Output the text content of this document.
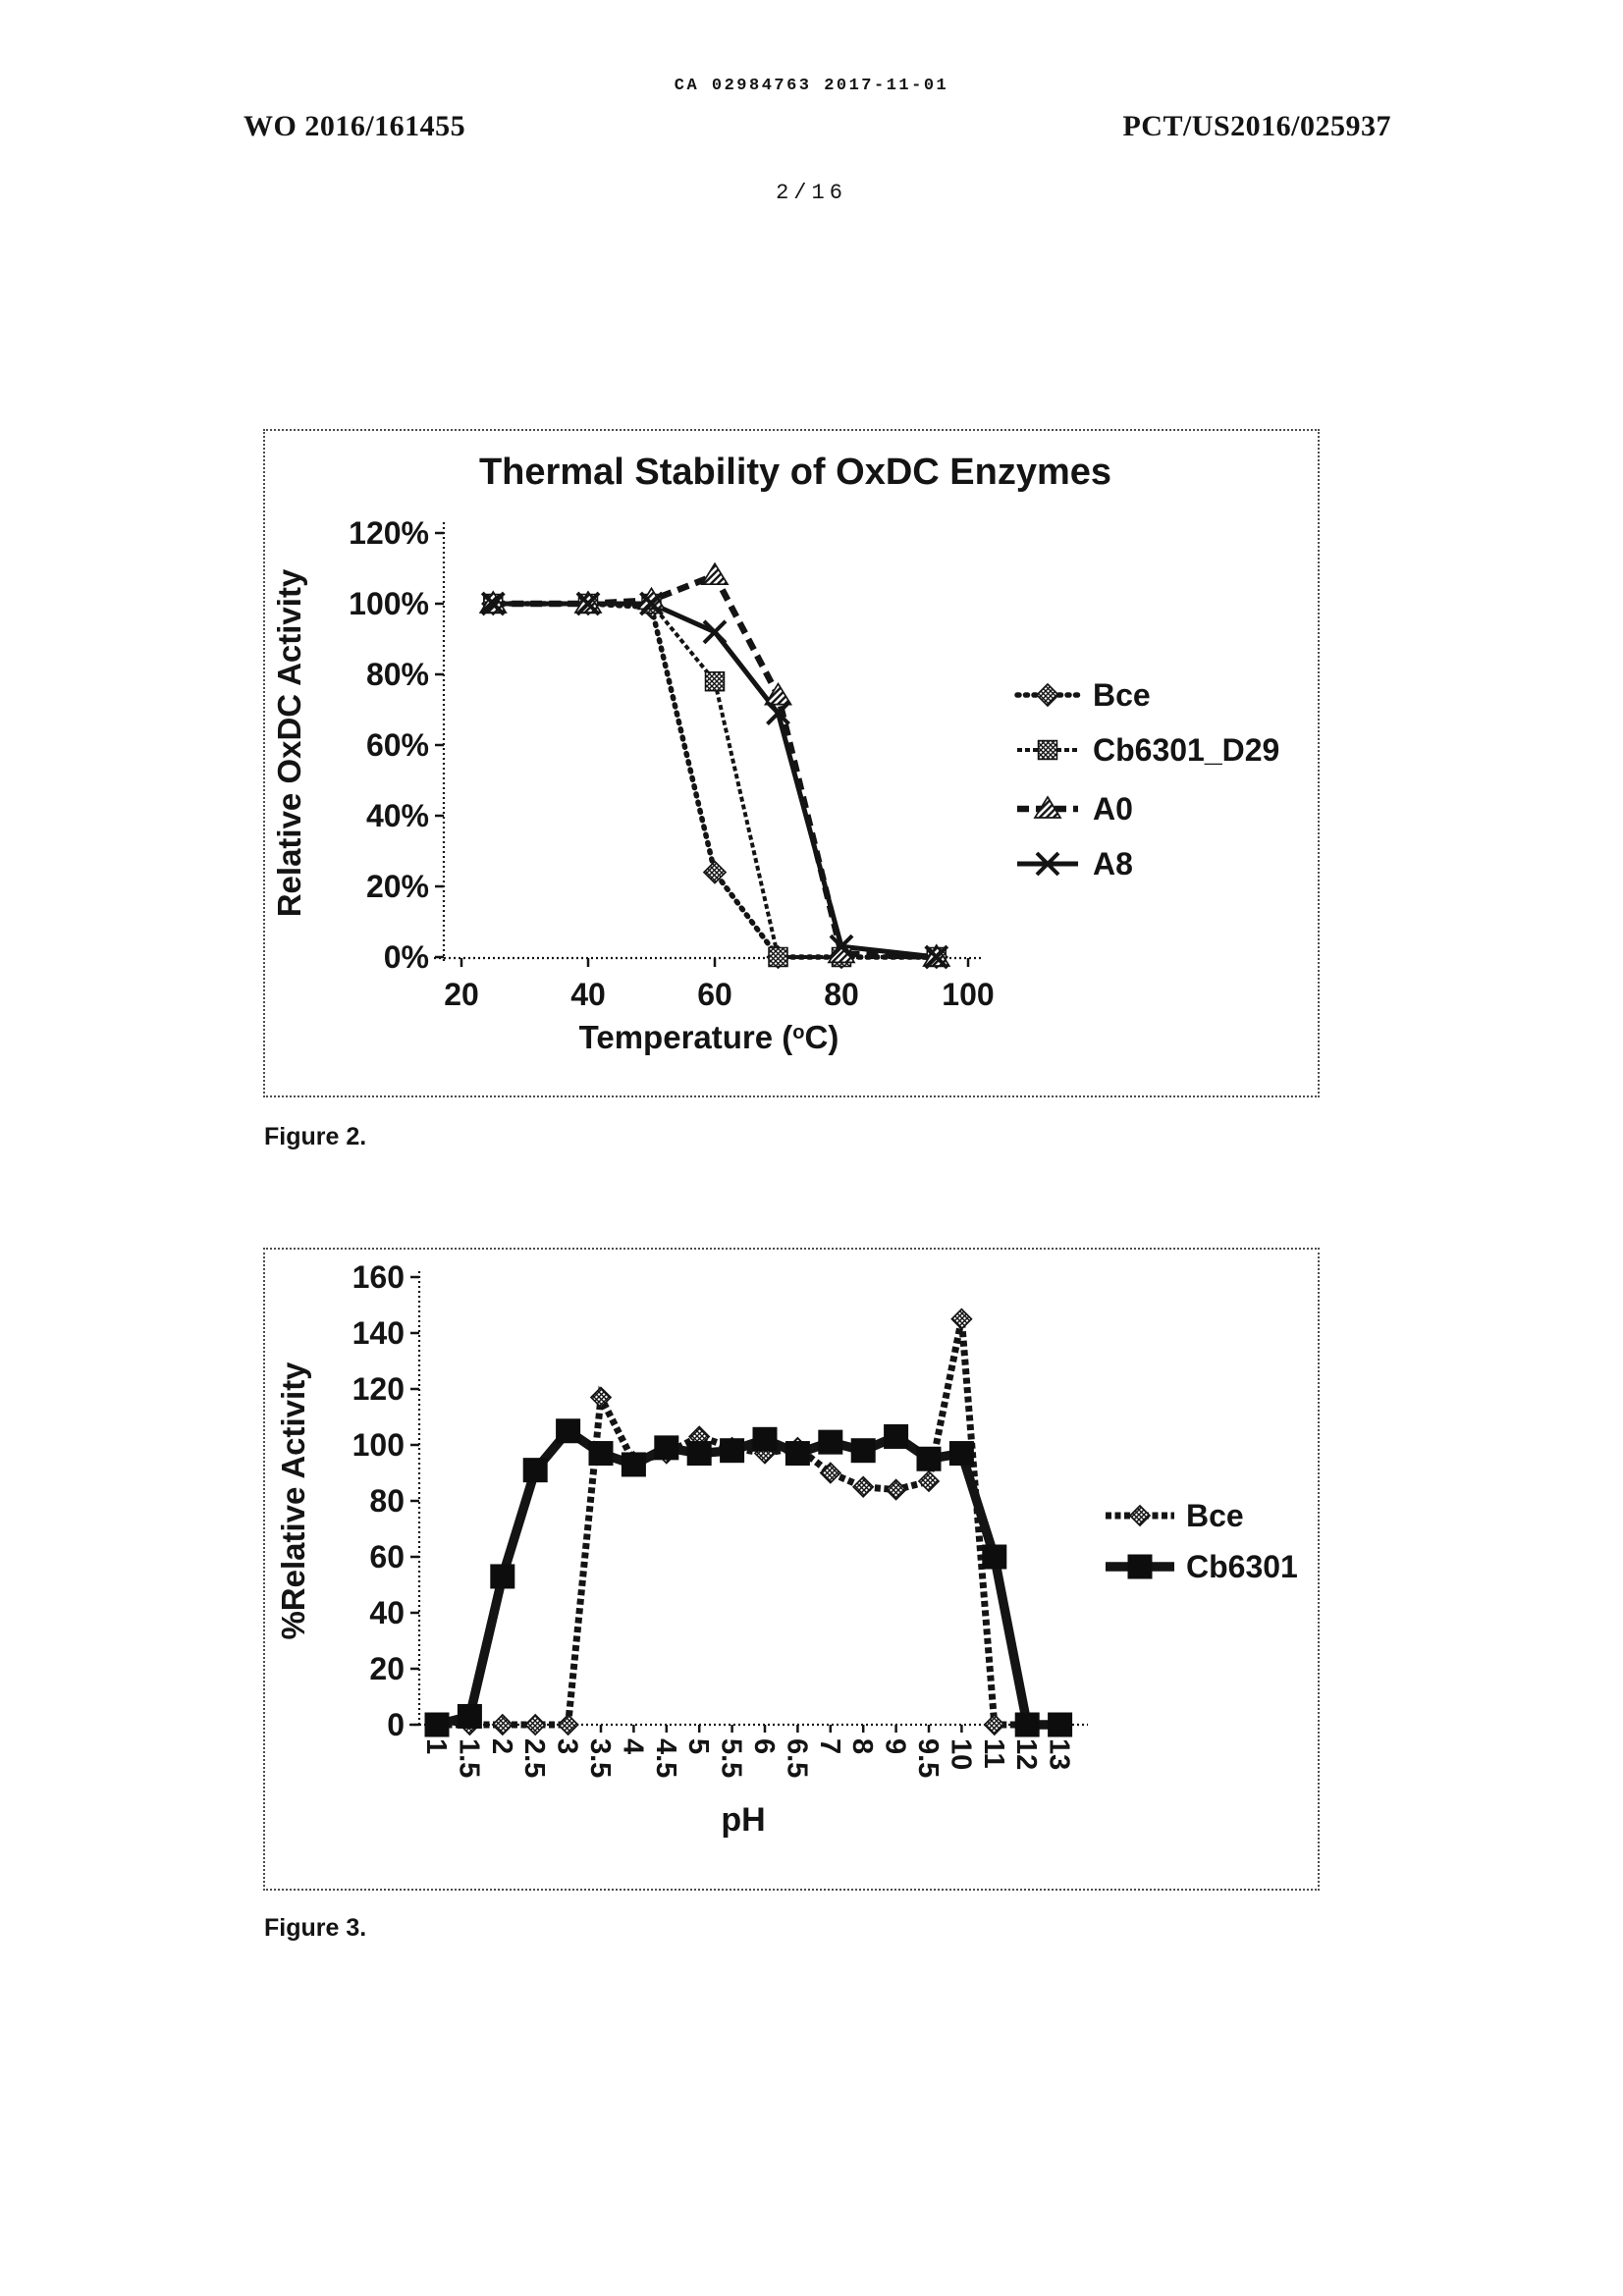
CA 02984763 2017-11-01
WO 2016/161455	PCT/US2016/025937
2/16
0%
20%
40%
60%
80%
100%
120%
20	40	60	80	100
Thermal Stability of OxDC Enzymes
Relative OxDC Activity
Temperature ($^o$C)
Bce
Cb6301_D29
A0
A8
Figure 2.
0
20
40
60
80
100
120
140
160
1 1.5 2 2.5 3 3.5 4 4.5 5 5.5 6 6.5 7 8 9 9.5 10 11 12 13
%Relative Activity
pH
Bce
Cb6301
Figure 3.
